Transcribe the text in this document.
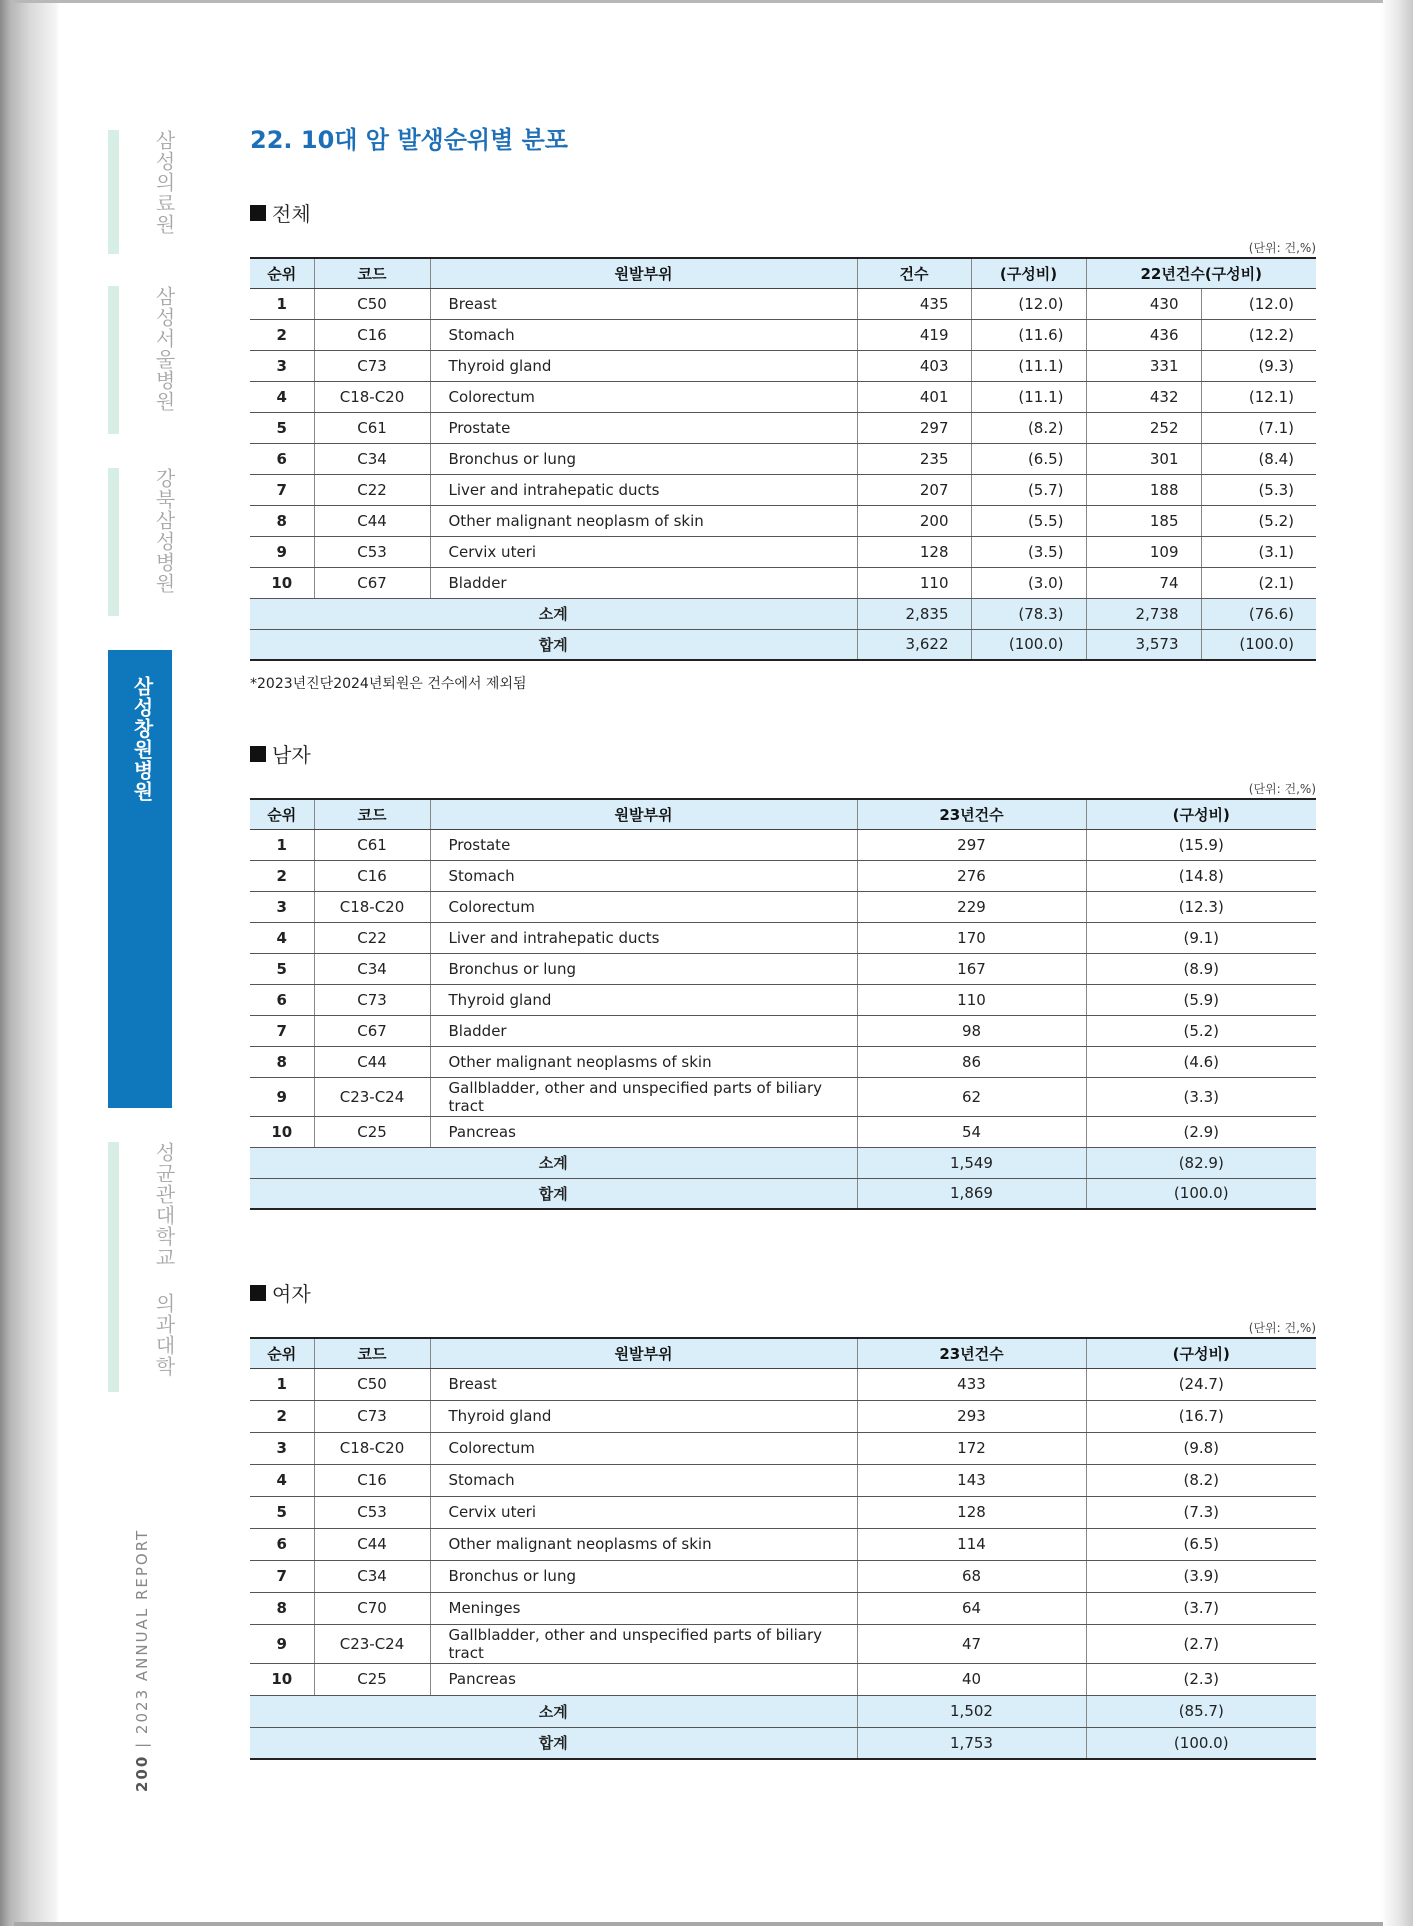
삼성의료원
삼성서울병원
강북삼성병원
삼성창원병원
성균관대학교 의과대학
200 | 2023 ANNUAL REPORT
22. 10대 암 발생순위별 분포
전체
(단위: 건,%)
순위	코드	원발부위	건수	(구성비)	22년건수(구성비)	
1	C50	Breast	435	(12.0)	430	(12.0)
2	C16	Stomach	419	(11.6)	436	(12.2)
3	C73	Thyroid gland	403	(11.1)	331	(9.3)
4	C18-C20	Colorectum	401	(11.1)	432	(12.1)
5	C61	Prostate	297	(8.2)	252	(7.1)
6	C34	Bronchus or lung	235	(6.5)	301	(8.4)
7	C22	Liver and intrahepatic ducts	207	(5.7)	188	(5.3)
8	C44	Other malignant neoplasm of skin	200	(5.5)	185	(5.2)
9	C53	Cervix uteri	128	(3.5)	109	(3.1)
10	C67	Bladder	110	(3.0)	74	(2.1)
소계			2,835	(78.3)	2,738	(76.6)
합계			3,622	(100.0)	3,573	(100.0)
*2023년진단2024년퇴원은 건수에서 제외됨
남자
(단위: 건,%)
순위	코드	원발부위	23년건수	(구성비)
1	C61	Prostate	297	(15.9)
2	C16	Stomach	276	(14.8)
3	C18-C20	Colorectum	229	(12.3)
4	C22	Liver and intrahepatic ducts	170	(9.1)
5	C34	Bronchus or lung	167	(8.9)
6	C73	Thyroid gland	110	(5.9)
7	C67	Bladder	98	(5.2)
8	C44	Other malignant neoplasms of skin	86	(4.6)
9	C23-C24	Gallbladder, other and unspecified parts of biliary tract	62	(3.3)
10	C25	Pancreas	54	(2.9)
소계			1,549	(82.9)
합계			1,869	(100.0)
여자
(단위: 건,%)
순위	코드	원발부위	23년건수	(구성비)
1	C50	Breast	433	(24.7)
2	C73	Thyroid gland	293	(16.7)
3	C18-C20	Colorectum	172	(9.8)
4	C16	Stomach	143	(8.2)
5	C53	Cervix uteri	128	(7.3)
6	C44	Other malignant neoplasms of skin	114	(6.5)
7	C34	Bronchus or lung	68	(3.9)
8	C70	Meninges	64	(3.7)
9	C23-C24	Gallbladder, other and unspecified parts of biliary tract	47	(2.7)
10	C25	Pancreas	40	(2.3)
소계			1,502	(85.7)
합계			1,753	(100.0)
